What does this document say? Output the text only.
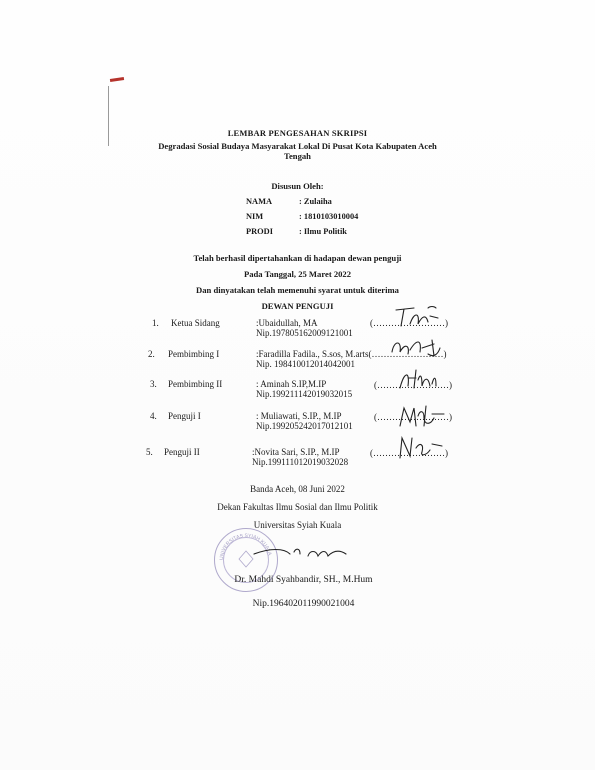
LEMBAR PENGESAHAN SKRIPSI
Degradasi Sosial Budaya Masyarakat Lokal Di Pusat Kota Kabupaten Aceh
Tengah
Disusun Oleh:
NAMA	: Zulaiha
NIM	: 1810103010004
PRODI	: Ilmu Politik
Telah berhasil dipertahankan di hadapan dewan penguji
Pada Tanggal, 25 Maret 2022
Dan dinyatakan telah memenuhi syarat untuk diterima
DEWAN PENGUJI
1. Ketua Sidang	:Ubaidullah, MA
Nip.197805162009121001
(……………………)
2. Pembimbing I	:Faradilla Fadila., S.sos, M.arts(……………………)
Nip. 198410012014042001
3. Pembimbing II	: Aminah S.IP,M.IP
Nip.199211142019032015
(……………………)
4. Penguji I	: Muliawati, S.IP., M.IP
Nip.199205242017012101
(……………………)
5. Penguji II	:Novita Sari, S.IP., M.IP
Nip.199111012019032028
(……………………)
Banda Aceh, 08 Juni 2022
Dekan Fakultas Ilmu Sosial dan Ilmu Politik
Universitas Syiah Kuala
UNIVERSITAS SYIAH KUALA
Dr. Mahdi Syahbandir, SH., M.Hum
Nip.196402011990021004
